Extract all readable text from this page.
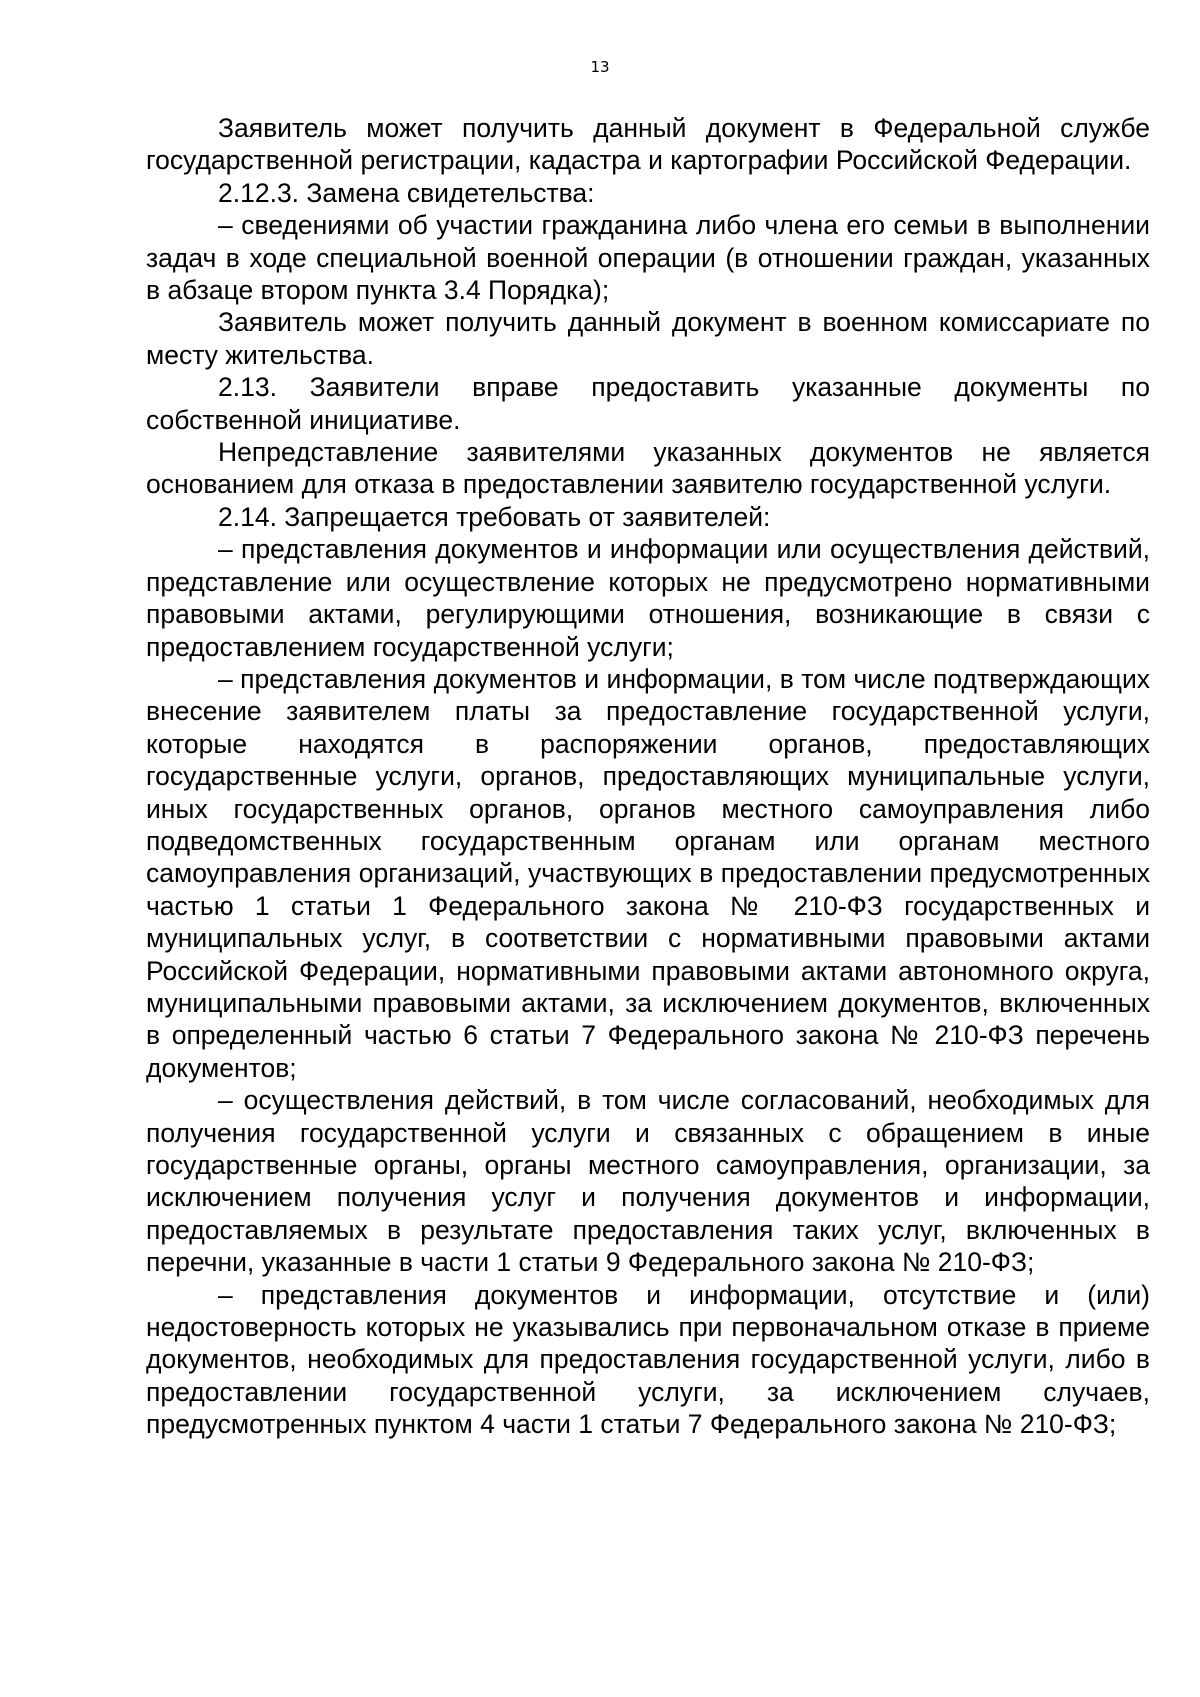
13

Заявитель может получить данный документ в Федеральной службе государственной регистрации, кадастра и картографии Российской Федерации.

2.12.3. Замена свидетельства:

– сведениями об участии гражданина либо члена его семьи в выполнении задач в ходе специальной военной операции (в отношении граждан, указанных в абзаце втором пункта 3.4 Порядка);

Заявитель может получить данный документ в военном комиссариате по месту жительства.

2.13. Заявители вправе предоставить указанные документы по собственной инициативе.

Непредставление заявителями указанных документов не является основанием для отказа в предоставлении заявителю государственной услуги.

2.14. Запрещается требовать от заявителей:

– представления документов и информации или осуществления действий, представление или осуществление которых не предусмотрено нормативными правовыми актами, регулирующими отношения, возникающие в связи с предоставлением государственной услуги;

– представления документов и информации, в том числе подтверждающих внесение заявителем платы за предоставление государственной услуги, которые находятся в распоряжении органов, предоставляющих государственные услуги, органов, предоставляющих муниципальные услуги, иных государственных органов, органов местного самоуправления либо подведомственных государственным органам или органам местного самоуправления организаций, участвующих в предоставлении предусмотренных частью 1 статьи 1 Федерального закона № 210-ФЗ государственных и муниципальных услуг, в соответствии с нормативными правовыми актами Российской Федерации, нормативными правовыми актами автономного округа, муниципальными правовыми актами, за исключением документов, включенных в определенный частью 6 статьи 7 Федерального закона № 210-ФЗ перечень документов;

– осуществления действий, в том числе согласований, необходимых для получения государственной услуги и связанных с обращением в иные государственные органы, органы местного самоуправления, организации, за исключением получения услуг и получения документов и информации, предоставляемых в результате предоставления таких услуг, включенных в перечни, указанные в части 1 статьи 9 Федерального закона № 210-ФЗ;

– представления документов и информации, отсутствие и (или) недостоверность которых не указывались при первоначальном отказе в приеме документов, необходимых для предоставления государственной услуги, либо в предоставлении государственной услуги, за исключением случаев, предусмотренных пунктом 4 части 1 статьи 7 Федерального закона № 210-ФЗ;
